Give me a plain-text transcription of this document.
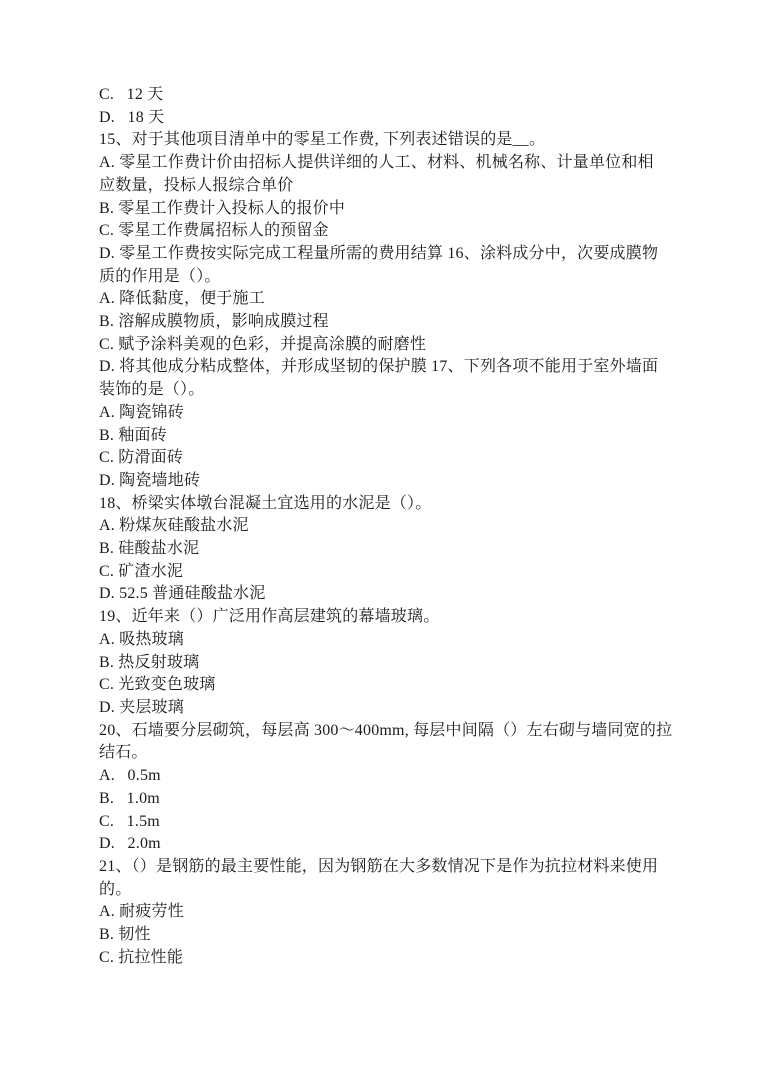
C.   12 天
D.   18 天
15、对于其他项目清单中的零星工作费, 下列表述错误的是__。
A. 零星工作费计价由招标人提供详细的人工、材料、机械名称、计量单位和相
应数量，投标人报综合单价
B. 零星工作费计入投标人的报价中
C. 零星工作费属招标人的预留金
D. 零星工作费按实际完成工程量所需的费用结算 16、涂料成分中，次要成膜物
质的作用是（）。
A. 降低黏度，便于施工
B. 溶解成膜物质，影响成膜过程
C. 赋予涂料美观的色彩，并提高涂膜的耐磨性
D. 将其他成分粘成整体，并形成坚韧的保护膜 17、下列各项不能用于室外墙面
装饰的是（）。
A. 陶瓷锦砖
B. 釉面砖
C. 防滑面砖
D. 陶瓷墙地砖
18、桥梁实体墩台混凝土宜选用的水泥是（）。
A. 粉煤灰硅酸盐水泥
B. 硅酸盐水泥
C. 矿渣水泥
D. 52.5 普通硅酸盐水泥
19、近年来（）广泛用作高层建筑的幕墙玻璃。
A. 吸热玻璃
B. 热反射玻璃
C. 光致变色玻璃
D. 夹层玻璃
20、石墙要分层砌筑，每层高 300～400mm, 每层中间隔（）左右砌与墙同宽的拉
结石。
A.   0.5m
B.   1.0m
C.   1.5m
D.   2.0m
21、（）是钢筋的最主要性能，因为钢筋在大多数情况下是作为抗拉材料来使用
的。
A. 耐疲劳性
B. 韧性
C. 抗拉性能
